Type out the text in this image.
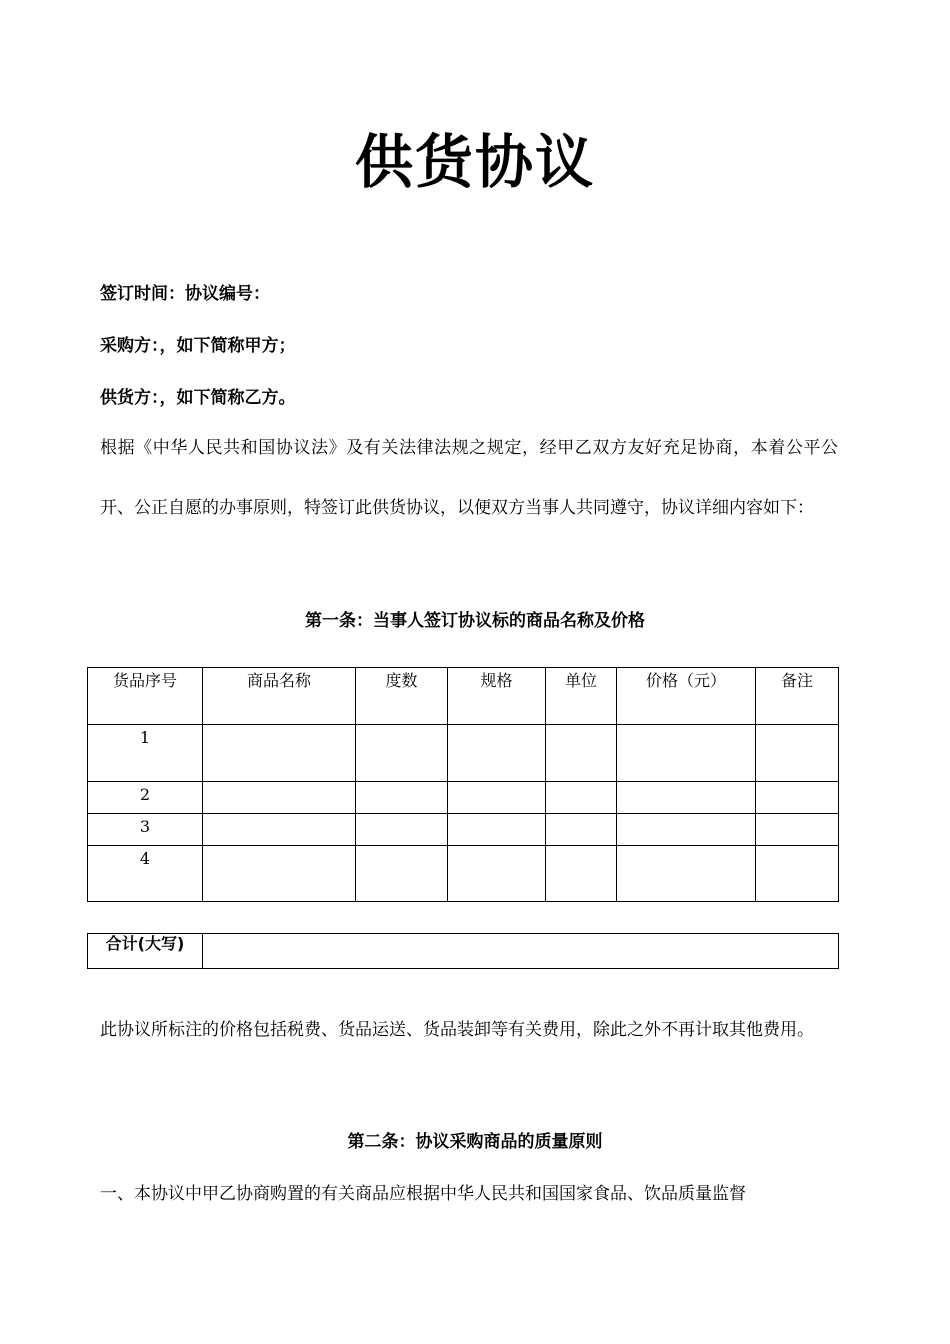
供货协议
签订时间：协议编号：
采购方：，如下简称甲方；
供货方：，如下简称乙方。
根据《中华人民共和国协议法》及有关法律法规之规定，经甲乙双方友好充足协商，本着公平公开、公正自愿的办事原则，特签订此供货协议，以便双方当事人共同遵守，协议详细内容如下：
第一条：当事人签订协议标的商品名称及价格
货品序号	商品名称	度数	规格	单位	价格（元）	备注
1						
2						
3						
4						
合计(大写)	
此协议所标注的价格包括税费、货品运送、货品装卸等有关费用，除此之外不再计取其他费用。
第二条：协议采购商品的质量原则
一、本协议中甲乙协商购置的有关商品应根据中华人民共和国国家食品、饮品质量监督
